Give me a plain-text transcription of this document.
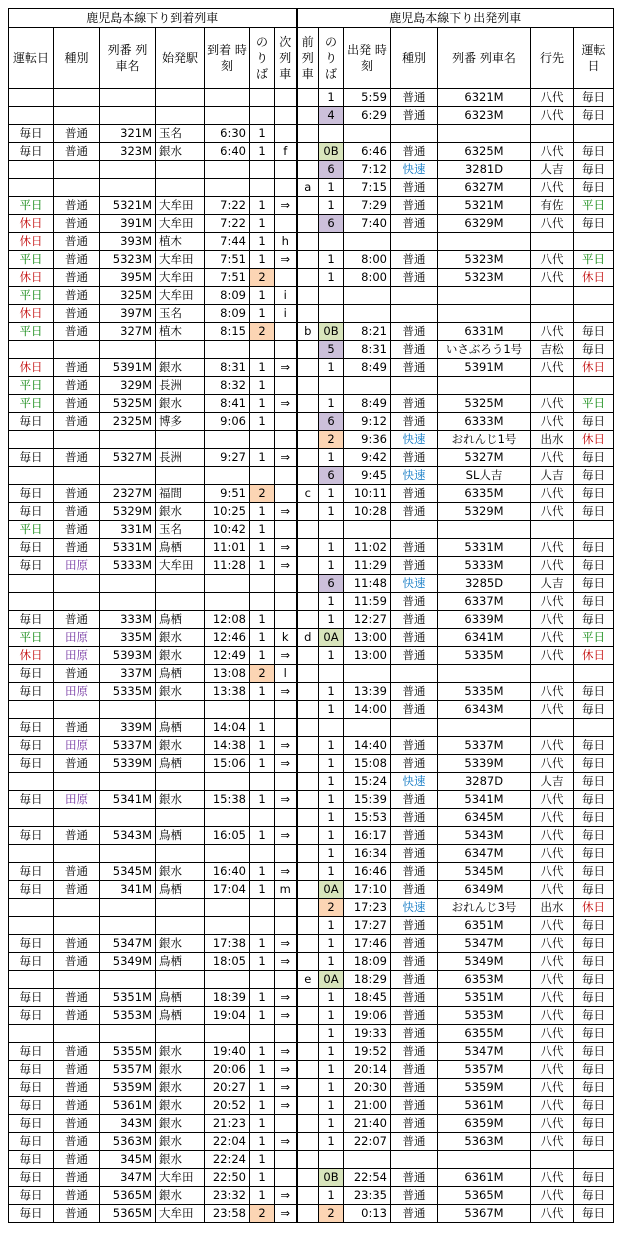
鹿児島本線下り到着列車							鹿児島本線下り出発列車						
運転日	種別	列番 列車名	始発駅	到着 時刻	の り ば	次 列 車	前 列 車	の り ば	出発 時刻	種別	列番 列車名	行先	運転日
								1	5:59	普通	6321M	八代	毎日
								4	6:29	普通	6323M	八代	毎日
毎日	普通	321M	玉名	6:30	1								
毎日	普通	323M	銀水	6:40	1	f		0B	6:46	普通	6325M	八代	毎日
								6	7:12	快速	3281D	人吉	毎日
							a	1	7:15	普通	6327M	八代	毎日
平日	普通	5321M	大牟田	7:22	1	⇒		1	7:29	普通	5321M	有佐	平日
休日	普通	391M	大牟田	7:22	1			6	7:40	普通	6329M	八代	毎日
休日	普通	393M	植木	7:44	1	h							
平日	普通	5323M	大牟田	7:51	1	⇒		1	8:00	普通	5323M	八代	平日
休日	普通	395M	大牟田	7:51	2			1	8:00	普通	5323M	八代	休日
平日	普通	325M	大牟田	8:09	1	i							
休日	普通	397M	玉名	8:09	1	i							
平日	普通	327M	植木	8:15	2		b	0B	8:21	普通	6331M	八代	毎日
								5	8:31	普通	いさぶろう1号	吉松	毎日
休日	普通	5391M	銀水	8:31	1	⇒		1	8:49	普通	5391M	八代	休日
平日	普通	329M	長洲	8:32	1								
平日	普通	5325M	銀水	8:41	1	⇒		1	8:49	普通	5325M	八代	平日
毎日	普通	2325M	博多	9:06	1			6	9:12	普通	6333M	八代	毎日
								2	9:36	快速	おれんじ1号	出水	休日
毎日	普通	5327M	長洲	9:27	1	⇒		1	9:42	普通	5327M	八代	毎日
								6	9:45	快速	SL人吉	人吉	毎日
毎日	普通	2327M	福間	9:51	2		c	1	10:11	普通	6335M	八代	毎日
毎日	普通	5329M	銀水	10:25	1	⇒		1	10:28	普通	5329M	八代	毎日
平日	普通	331M	玉名	10:42	1								
毎日	普通	5331M	鳥栖	11:01	1	⇒		1	11:02	普通	5331M	八代	毎日
毎日	田原	5333M	大牟田	11:28	1	⇒		1	11:29	普通	5333M	八代	毎日
								6	11:48	快速	3285D	人吉	毎日
								1	11:59	普通	6337M	八代	毎日
毎日	普通	333M	鳥栖	12:08	1			1	12:27	普通	6339M	八代	毎日
平日	田原	335M	銀水	12:46	1	k	d	0A	13:00	普通	6341M	八代	平日
休日	田原	5393M	銀水	12:49	1	⇒		1	13:00	普通	5335M	八代	休日
毎日	普通	337M	鳥栖	13:08	2	l							
毎日	田原	5335M	銀水	13:38	1	⇒		1	13:39	普通	5335M	八代	毎日
								1	14:00	普通	6343M	八代	毎日
毎日	普通	339M	鳥栖	14:04	1								
毎日	田原	5337M	銀水	14:38	1	⇒		1	14:40	普通	5337M	八代	毎日
毎日	普通	5339M	鳥栖	15:06	1	⇒		1	15:08	普通	5339M	八代	毎日
								1	15:24	快速	3287D	人吉	毎日
毎日	田原	5341M	銀水	15:38	1	⇒		1	15:39	普通	5341M	八代	毎日
								1	15:53	普通	6345M	八代	毎日
毎日	普通	5343M	鳥栖	16:05	1	⇒		1	16:17	普通	5343M	八代	毎日
								1	16:34	普通	6347M	八代	毎日
毎日	普通	5345M	銀水	16:40	1	⇒		1	16:46	普通	5345M	八代	毎日
毎日	普通	341M	鳥栖	17:04	1	m		0A	17:10	普通	6349M	八代	毎日
								2	17:23	快速	おれんじ3号	出水	休日
								1	17:27	普通	6351M	八代	毎日
毎日	普通	5347M	銀水	17:38	1	⇒		1	17:46	普通	5347M	八代	毎日
毎日	普通	5349M	鳥栖	18:05	1	⇒		1	18:09	普通	5349M	八代	毎日
							e	0A	18:29	普通	6353M	八代	毎日
毎日	普通	5351M	鳥栖	18:39	1	⇒		1	18:45	普通	5351M	八代	毎日
毎日	普通	5353M	鳥栖	19:04	1	⇒		1	19:06	普通	5353M	八代	毎日
								1	19:33	普通	6355M	八代	毎日
毎日	普通	5355M	銀水	19:40	1	⇒		1	19:52	普通	5347M	八代	毎日
毎日	普通	5357M	銀水	20:06	1	⇒		1	20:14	普通	5357M	八代	毎日
毎日	普通	5359M	銀水	20:27	1	⇒		1	20:30	普通	5359M	八代	毎日
毎日	普通	5361M	銀水	20:52	1	⇒		1	21:00	普通	5361M	八代	毎日
毎日	普通	343M	銀水	21:23	1			1	21:40	普通	6359M	八代	毎日
毎日	普通	5363M	銀水	22:04	1	⇒		1	22:07	普通	5363M	八代	毎日
毎日	普通	345M	銀水	22:24	1								
毎日	普通	347M	大牟田	22:50	1			0B	22:54	普通	6361M	八代	毎日
毎日	普通	5365M	銀水	23:32	1	⇒		1	23:35	普通	5365M	八代	毎日
毎日	普通	5365M	大牟田	23:58	2	⇒		2	0:13	普通	5367M	八代	毎日
